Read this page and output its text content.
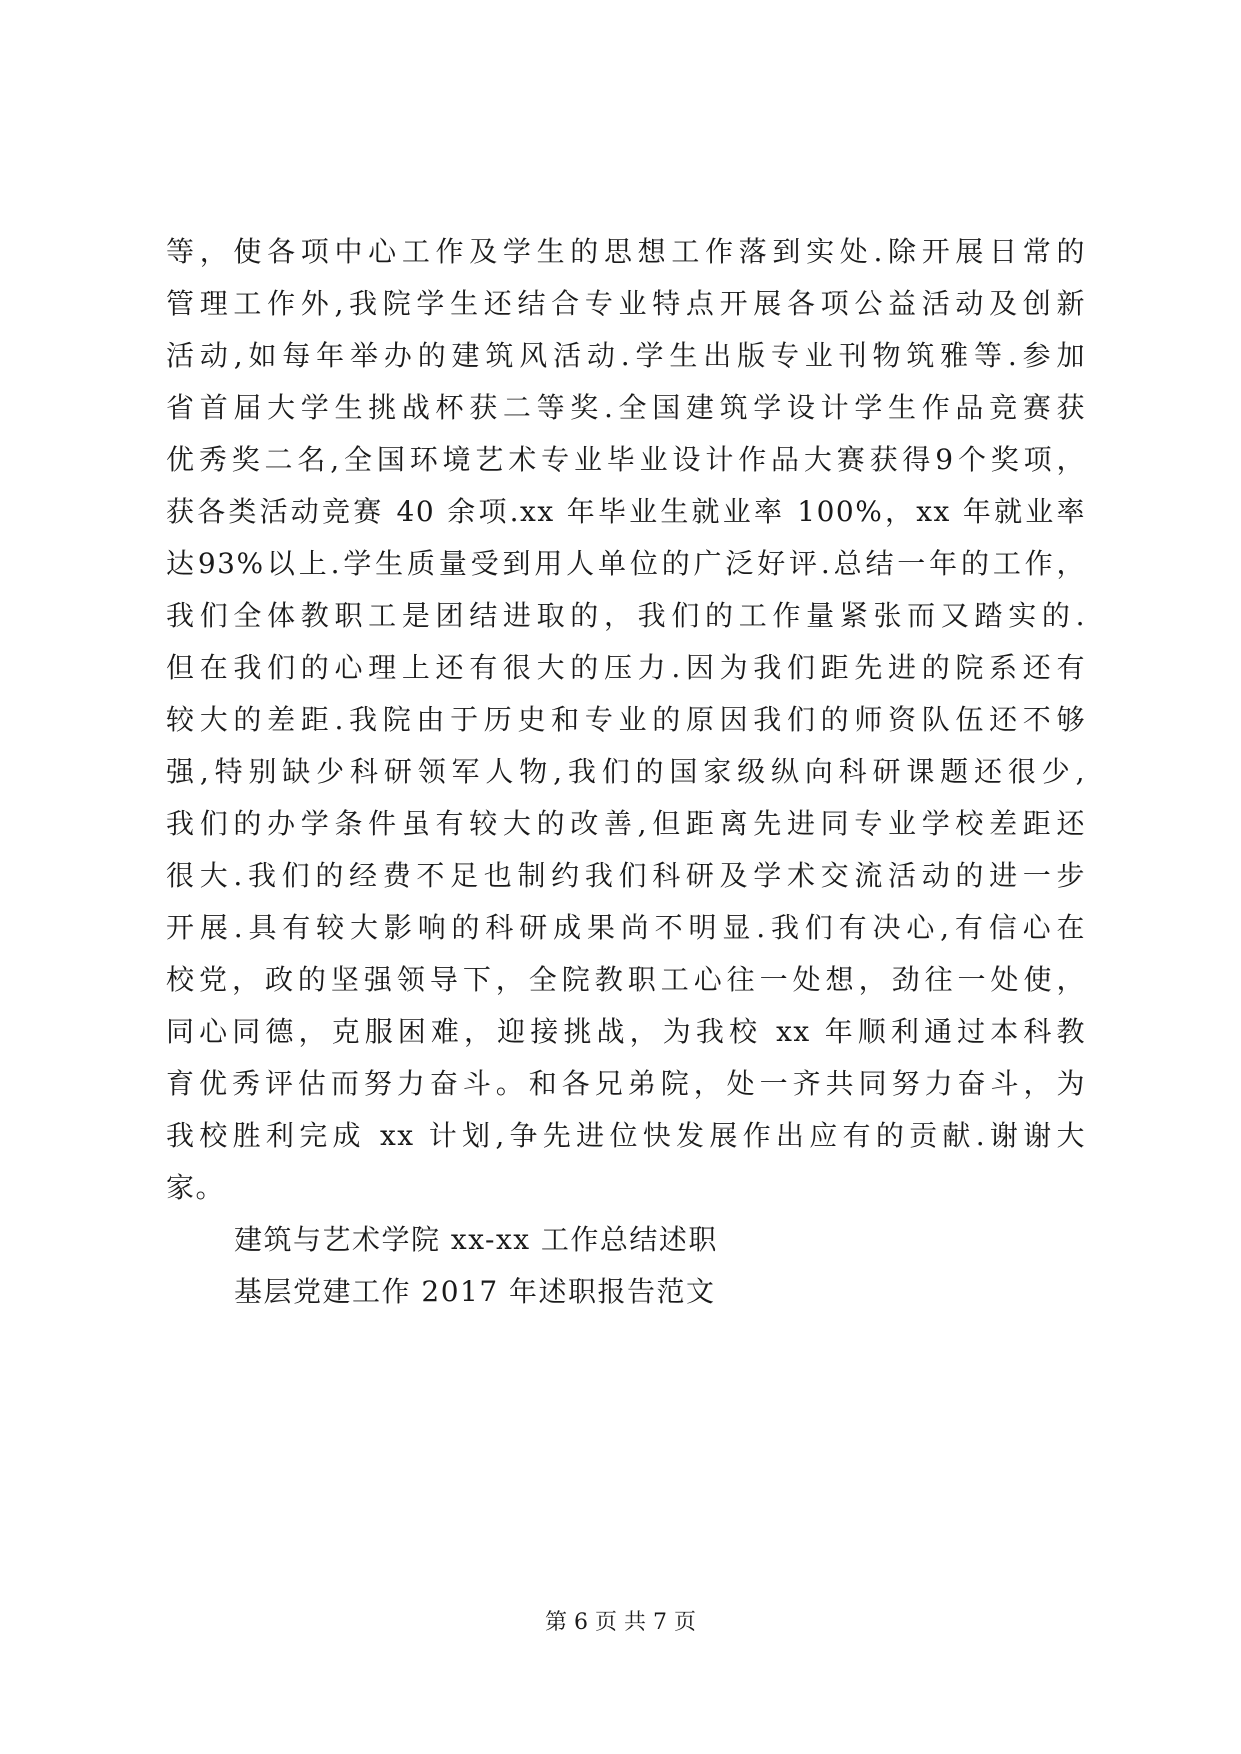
等，使各项中心工作及学生的思想工作落到实处.除开展日常的
管理工作外,我院学生还结合专业特点开展各项公益活动及创新
活动,如每年举办的建筑风活动.学生出版专业刊物筑雅等.参加
省首届大学生挑战杯获二等奖.全国建筑学设计学生作品竞赛获
优秀奖二名,全国环境艺术专业毕业设计作品大赛获得9个奖项，
获各类活动竞赛 40 余项.xx 年毕业生就业率 100%，xx 年就业率
达93%以上.学生质量受到用人单位的广泛好评.总结一年的工作，
我们全体教职工是团结进取的，我们的工作量紧张而又踏实的.
但在我们的心理上还有很大的压力.因为我们距先进的院系还有
较大的差距.我院由于历史和专业的原因我们的师资队伍还不够
强,特别缺少科研领军人物,我们的国家级纵向科研课题还很少,
我们的办学条件虽有较大的改善,但距离先进同专业学校差距还
很大.我们的经费不足也制约我们科研及学术交流活动的进一步
开展.具有较大影响的科研成果尚不明显.我们有决心,有信心在
校党，政的坚强领导下，全院教职工心往一处想，劲往一处使，
同心同德，克服困难，迎接挑战，为我校 xx 年顺利通过本科教
育优秀评估而努力奋斗。和各兄弟院，处一齐共同努力奋斗，为
我校胜利完成 xx 计划,争先进位快发展作出应有的贡献.谢谢大
家。
建筑与艺术学院 xx-xx 工作总结述职
基层党建工作 2017 年述职报告范文
第 6 页 共 7 页
